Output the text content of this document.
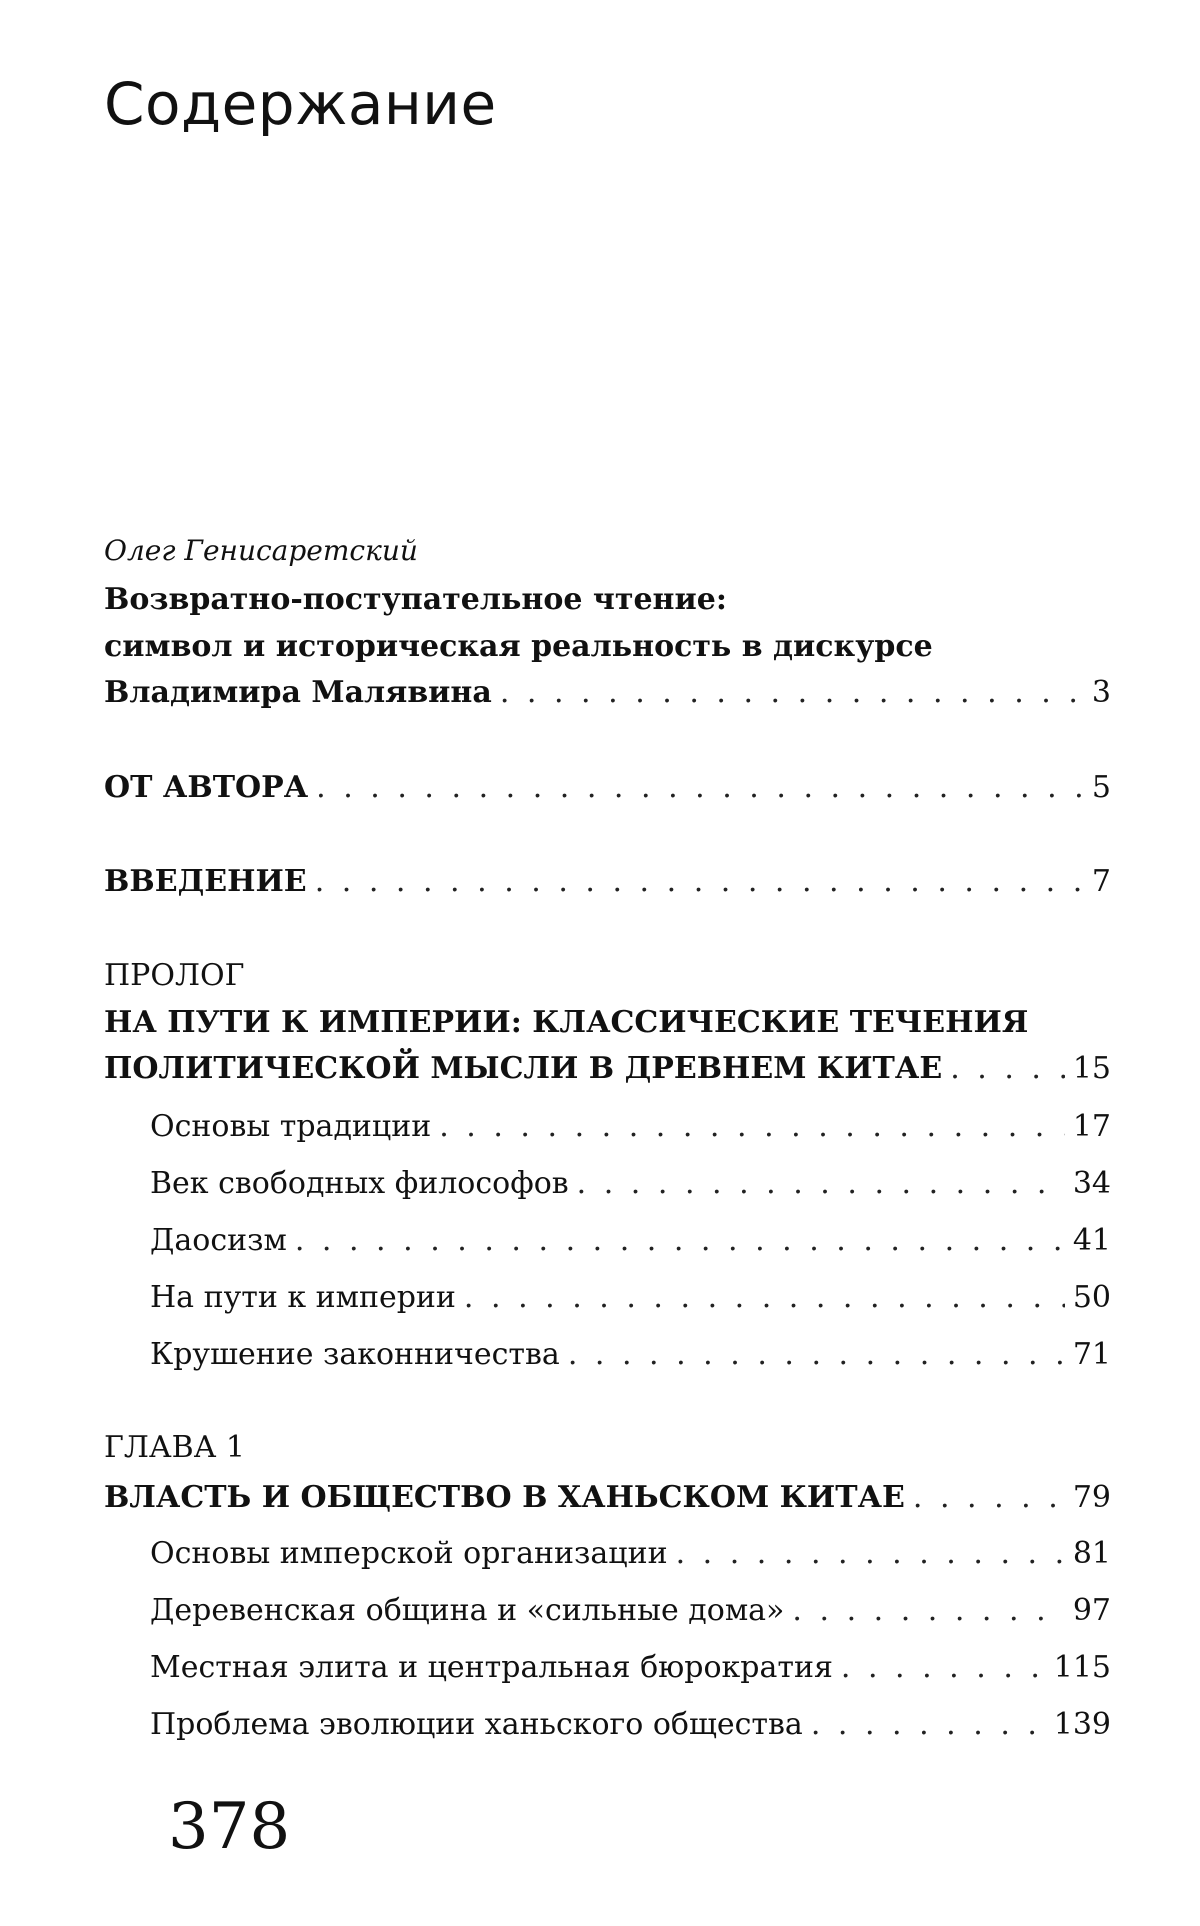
Содержание
Олег Генисаретский
Возвратно-поступательное чтение:
символ и историческая реальность в дискурсе
Владимира Малявина . . .	3
ОТ АВТОРА . . .	5
ВВЕДЕНИЕ . . .	7
ПРОЛОГ
НА ПУТИ К ИМПЕРИИ: КЛАССИЧЕСКИЕ ТЕЧЕНИЯ
ПОЛИТИЧЕСКОЙ МЫСЛИ В ДРЕВНЕМ КИТАЕ . . .	15
Основы традиции . . .	17
Век свободных философов . . .	34
Даосизм . . .	41
На пути к империи . . .	50
Крушение законничества . . .	71
ГЛАВА 1
ВЛАСТЬ И ОБЩЕСТВО В ХАНЬСКОМ КИТАЕ . . .	79
Основы имперской организации . . .	81
Деревенская община и «сильные дома» . . .	97
Местная элита и центральная бюрократия . . .	115
Проблема эволюции ханьского общества . . .	139
378
